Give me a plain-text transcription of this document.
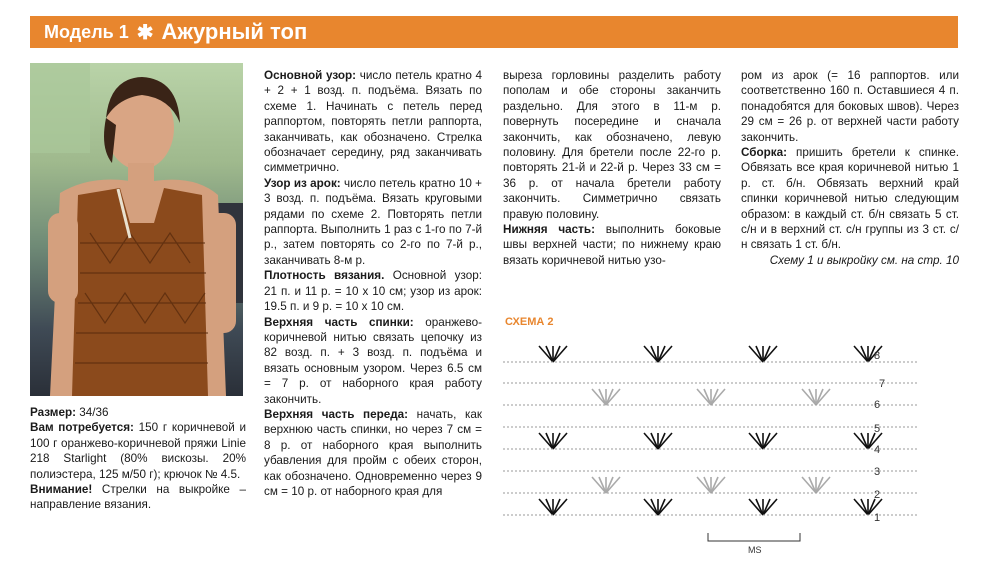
Модель 1 ✱ Ажурный топ

Размер: 34/36

Вам потребуется: 150 г коричневой и 100 г оранжево-коричневой пряжи Linie 218 Starlight (80% вискозы. 20% полиэстера, 125 м/50 г); крючок № 4.5.

Внимание! Стрелки на выкройке – направление вязания.

Основной узор: число петель кратно 4 + 2 + 1 возд. п. подъёма. Вязать по схеме 1. Начинать с петель перед раппортом, повторять петли раппорта, заканчивать, как обозначено. Стрелка обозначает середину, ряд заканчивать симметрично.

Узор из арок: число петель кратно 10 + 3 возд. п. подъёма. Вязать круговыми рядами по схеме 2. Повторять петли раппорта. Выполнить 1 раз с 1-го по 7-й р., затем повторять со 2-го по 7-й р., заканчивать 8-м р.

Плотность вязания. Основной узор: 21 п. и 11 р. = 10 х 10 см; узор из арок: 19.5 п. и 9 р. = 10 х 10 см.

Верхняя часть спинки: оранжево-коричневой нитью связать цепочку из 82 возд. п. + 3 возд. п. подъёма и вязать основным узором. Через 6.5 см = 7 р. от наборного края работу закончить.

Верхняя часть переда: начать, как верхнюю часть спинки, но через 7 см = 8 р. от наборного края выполнить убавления для пройм с обеих сторон, как обозначено. Одновременно через 9 см = 10 р. от наборного края для

выреза горловины разделить работу пополам и обе стороны заканчить раздельно. Для этого в 11-м р. повернуть посередине и сначала закончить, как обозначено, левую половину. Для бретели после 22-го р. повторять 21-й и 22-й р. Через 33 см = 36 р. от начала бретели работу закончить. Симметрично связать правую половину.

Нижняя часть: выполнить боковые швы верхней части; по нижнему краю вязать коричневой нитью узо-

ром из арок (= 16 раппортов. или соответственно 160 п. Оставшиеся 4 п. понадобятся для боковых швов). Через 29 см = 26 р. от верхней части работу закончить.

Сборка: пришить бретели к спинке. Обвязать все края коричневой нитью 1 р. ст. б/н. Обвязать верхний край спинки коричневой нитью следующим образом: в каждый ст. б/н связать 5 ст. с/н и в верхний ст. с/н группы из 3 ст. с/н связать 1 ст. б/н.

Схему 1 и выкройку см. на стр. 10

СХЕМА 2
8
7
6
5
4
3
2
1
MS
